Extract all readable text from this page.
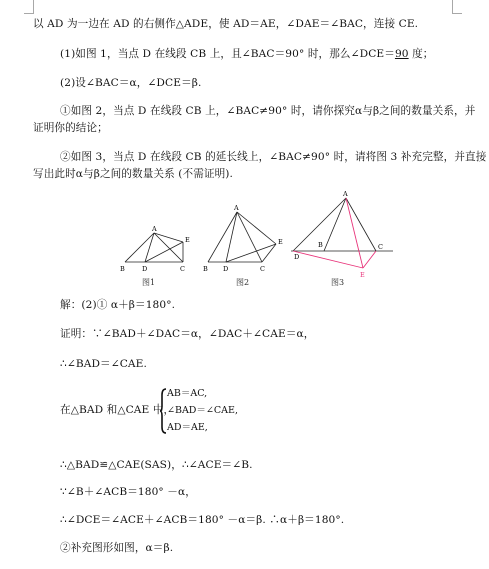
以 AD 为一边在 AD 的右侧作△ADE，使 AD＝AE，∠DAE＝∠BAC，连接 CE.
(1)如图 1，当点 D 在线段 CB 上，且∠BAC＝90° 时，那么∠DCE＝90 度；
(2)设∠BAC＝α，∠DCE＝β.
①如图 2，当点 D 在线段 CB 上，∠BAC≠90° 时，请你探究α与β之间的数量关系，并
证明你的结论；
②如图 3，当点 D 在线段 CB 的延长线上，∠BAC≠90° 时，请将图 3 补充完整，并直接
写出此时α与β之间的数量关系 (不需证明).
A
B	D	C
E
图1
A
B D	C
E
图2
A
B
D
C
E
图3
解：(2)① α＋β＝180°.
证明：∵∠BAD＋∠DAC＝α，∠DAC＋∠CAE＝α，
∴∠BAD＝∠CAE.
在△BAD 和△CAE 中，
AB＝AC,
∠BAD＝∠CAE,
AD＝AE,
∴△BAD≌△CAE(SAS)，∴∠ACE＝∠B.
∵∠B＋∠ACB＝180° －α，
∴∠DCE＝∠ACE＋∠ACB＝180° －α＝β. ∴α＋β＝180°.
②补充图形如图，α＝β.
